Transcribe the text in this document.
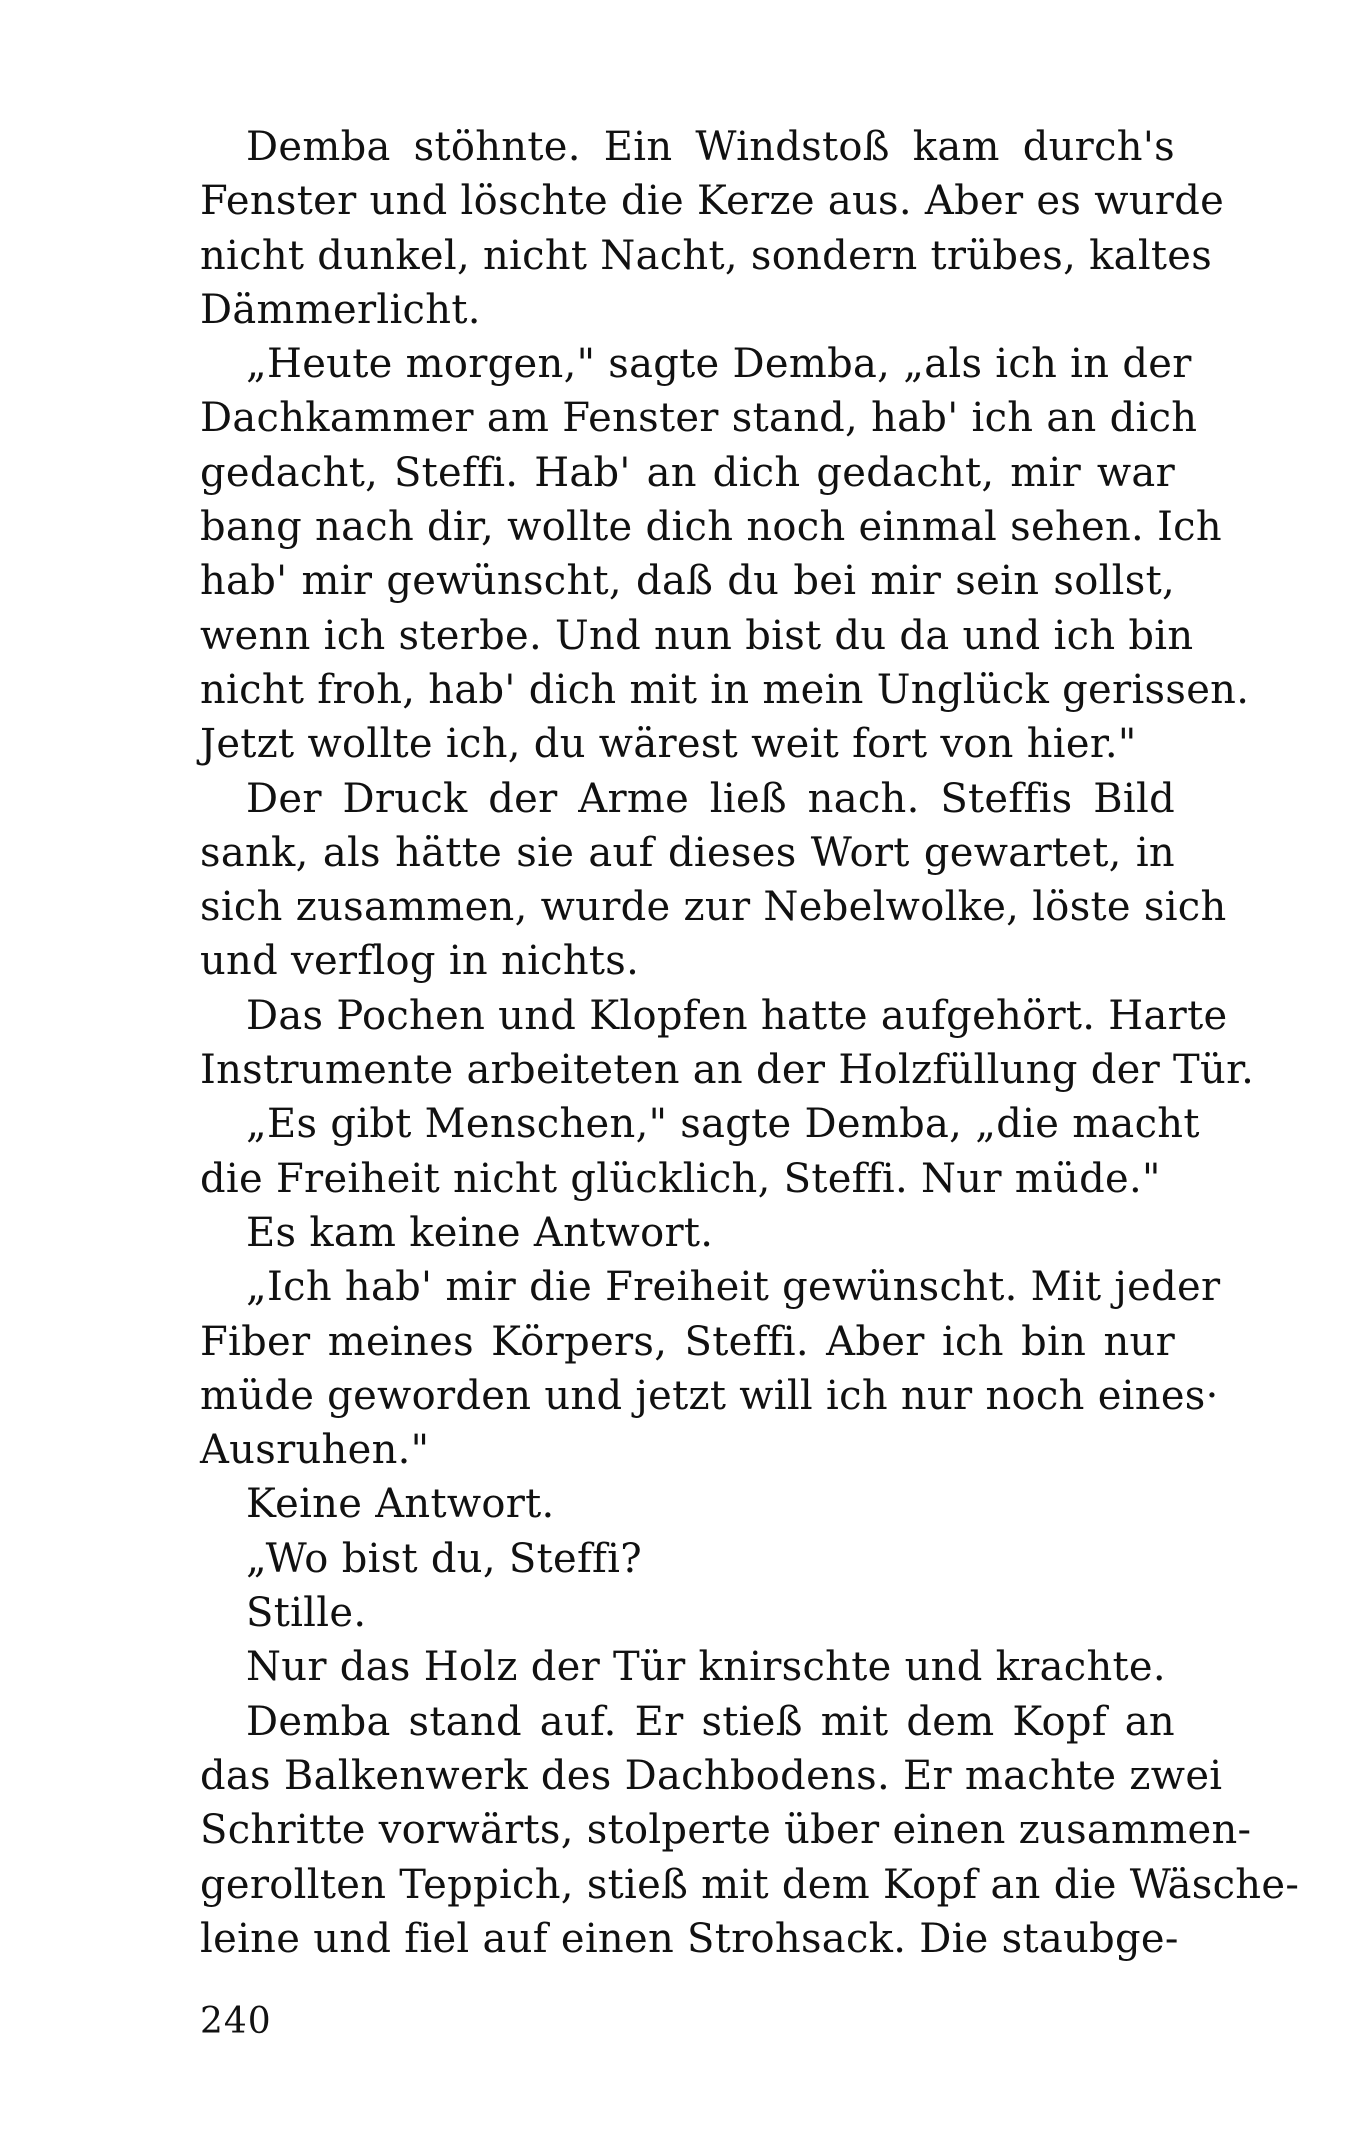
Demba stöhnte. Ein Windstoß kam durch's
Fenster und löschte die Kerze aus. Aber es wurde
nicht dunkel, nicht Nacht, sondern trübes, kaltes
Dämmerlicht.
„Heute morgen," sagte Demba, „als ich in der
Dachkammer am Fenster stand, hab' ich an dich
gedacht, Steffi. Hab' an dich gedacht, mir war
bang nach dir, wollte dich noch einmal sehen. Ich
hab' mir gewünscht, daß du bei mir sein sollst,
wenn ich sterbe. Und nun bist du da und ich bin
nicht froh, hab' dich mit in mein Unglück gerissen.
Jetzt wollte ich, du wärest weit fort von hier."
Der Druck der Arme ließ nach. Steffis Bild
sank, als hätte sie auf dieses Wort gewartet, in
sich zusammen, wurde zur Nebelwolke, löste sich
und verflog in nichts.
Das Pochen und Klopfen hatte aufgehört. Harte
Instrumente arbeiteten an der Holzfüllung der Tür.
„Es gibt Menschen," sagte Demba, „die macht
die Freiheit nicht glücklich, Steffi. Nur müde."
Es kam keine Antwort.
„Ich hab' mir die Freiheit gewünscht. Mit jeder
Fiber meines Körpers, Steffi. Aber ich bin nur
müde geworden und jetzt will ich nur noch eines·
Ausruhen."
Keine Antwort.
„Wo bist du, Steffi?
Stille.
Nur das Holz der Tür knirschte und krachte.
Demba stand auf. Er stieß mit dem Kopf an
das Balkenwerk des Dachbodens. Er machte zwei
Schritte vorwärts, stolperte über einen zusammen-
gerollten Teppich, stieß mit dem Kopf an die Wäsche-
leine und fiel auf einen Strohsack. Die staubge-
240
